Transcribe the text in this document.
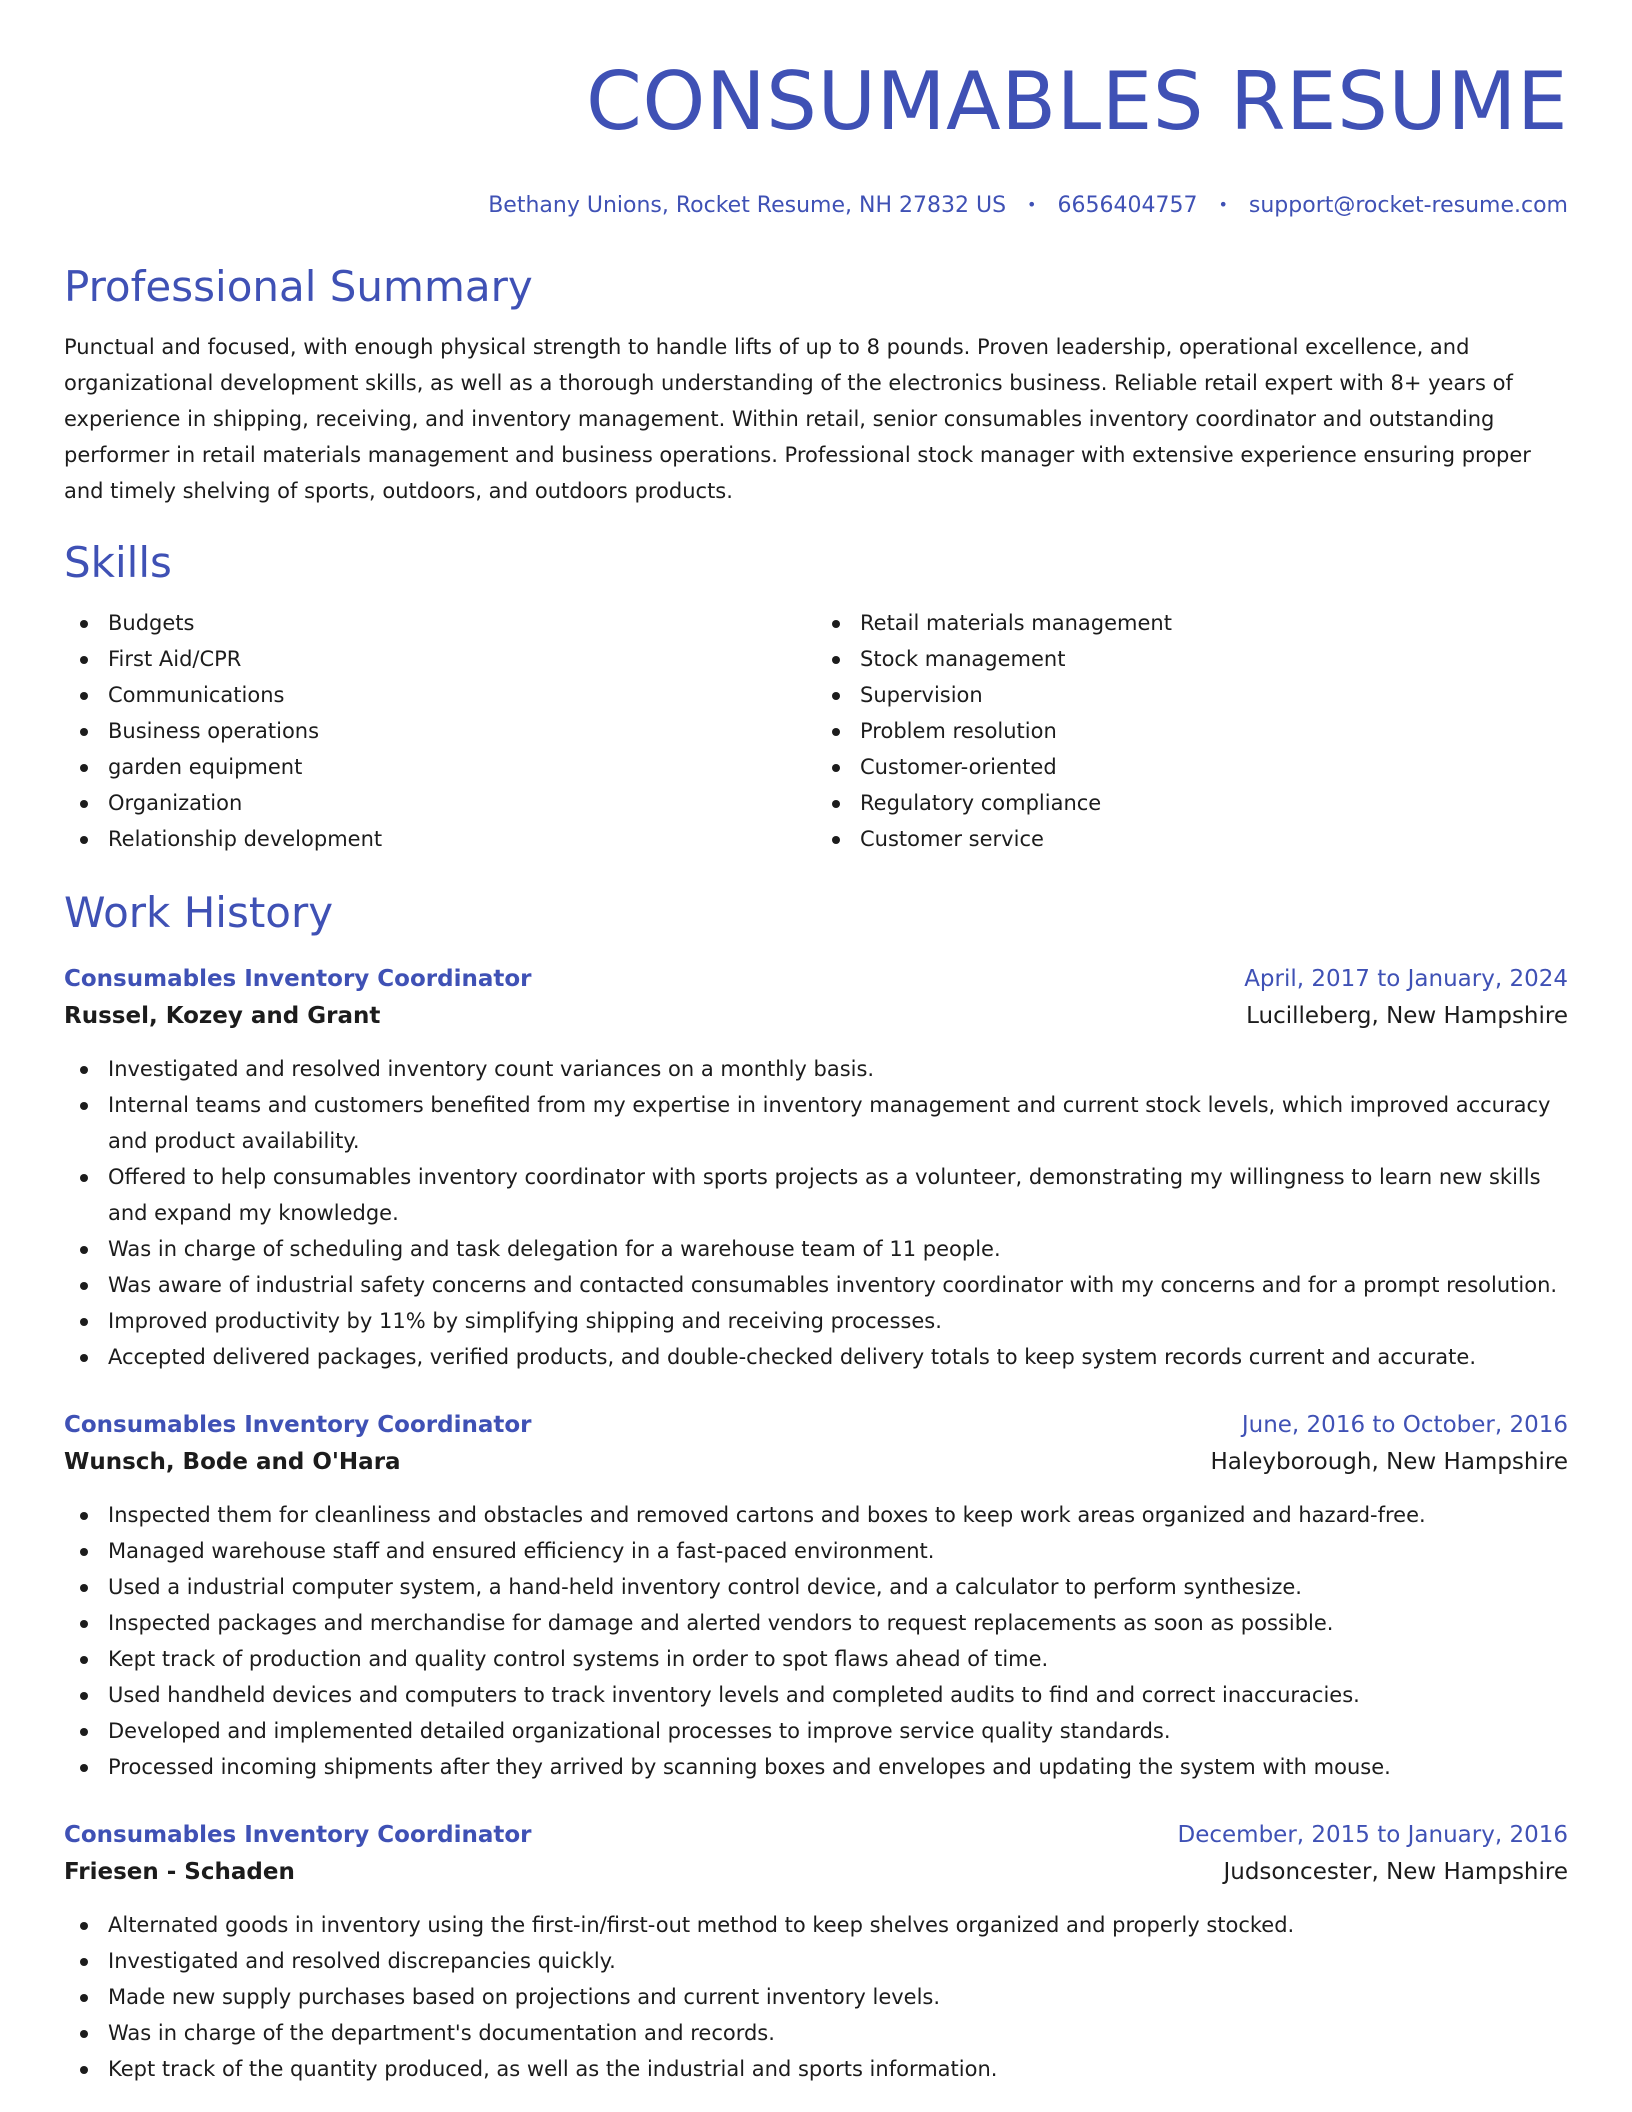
CONSUMABLES RESUME
Bethany Unions, Rocket Resume, NH 27832 US • 6656404757 • support@rocket-resume.com
Professional Summary
Punctual and focused, with enough physical strength to handle lifts of up to 8 pounds. Proven leadership, operational excellence, and organizational development skills, as well as a thorough understanding of the electronics business. Reliable retail expert with 8+ years of experience in shipping, receiving, and inventory management. Within retail, senior consumables inventory coordinator and outstanding performer in retail materials management and business operations. Professional stock manager with extensive experience ensuring proper and timely shelving of sports, outdoors, and outdoors products.
Skills
Budgets
First Aid/CPR
Communications
Business operations
garden equipment
Organization
Relationship development
Retail materials management
Stock management
Supervision
Problem resolution
Customer-oriented
Regulatory compliance
Customer service
Work History
Consumables Inventory Coordinator	April, 2017 to January, 2024
Russel, Kozey and Grant	Lucilleberg, New Hampshire
Investigated and resolved inventory count variances on a monthly basis.
Internal teams and customers benefited from my expertise in inventory management and current stock levels, which improved accuracy and product availability.
Offered to help consumables inventory coordinator with sports projects as a volunteer, demonstrating my willingness to learn new skills and expand my knowledge.
Was in charge of scheduling and task delegation for a warehouse team of 11 people.
Was aware of industrial safety concerns and contacted consumables inventory coordinator with my concerns and for a prompt resolution.
Improved productivity by 11% by simplifying shipping and receiving processes.
Accepted delivered packages, verified products, and double-checked delivery totals to keep system records current and accurate.
Consumables Inventory Coordinator	June, 2016 to October, 2016
Wunsch, Bode and O'Hara	Haleyborough, New Hampshire
Inspected them for cleanliness and obstacles and removed cartons and boxes to keep work areas organized and hazard-free.
Managed warehouse staff and ensured efficiency in a fast-paced environment.
Used a industrial computer system, a hand-held inventory control device, and a calculator to perform synthesize.
Inspected packages and merchandise for damage and alerted vendors to request replacements as soon as possible.
Kept track of production and quality control systems in order to spot flaws ahead of time.
Used handheld devices and computers to track inventory levels and completed audits to find and correct inaccuracies.
Developed and implemented detailed organizational processes to improve service quality standards.
Processed incoming shipments after they arrived by scanning boxes and envelopes and updating the system with mouse.
Consumables Inventory Coordinator	December, 2015 to January, 2016
Friesen - Schaden	Judsoncester, New Hampshire
Alternated goods in inventory using the first-in/first-out method to keep shelves organized and properly stocked.
Investigated and resolved discrepancies quickly.
Made new supply purchases based on projections and current inventory levels.
Was in charge of the department's documentation and records.
Kept track of the quantity produced, as well as the industrial and sports information.
